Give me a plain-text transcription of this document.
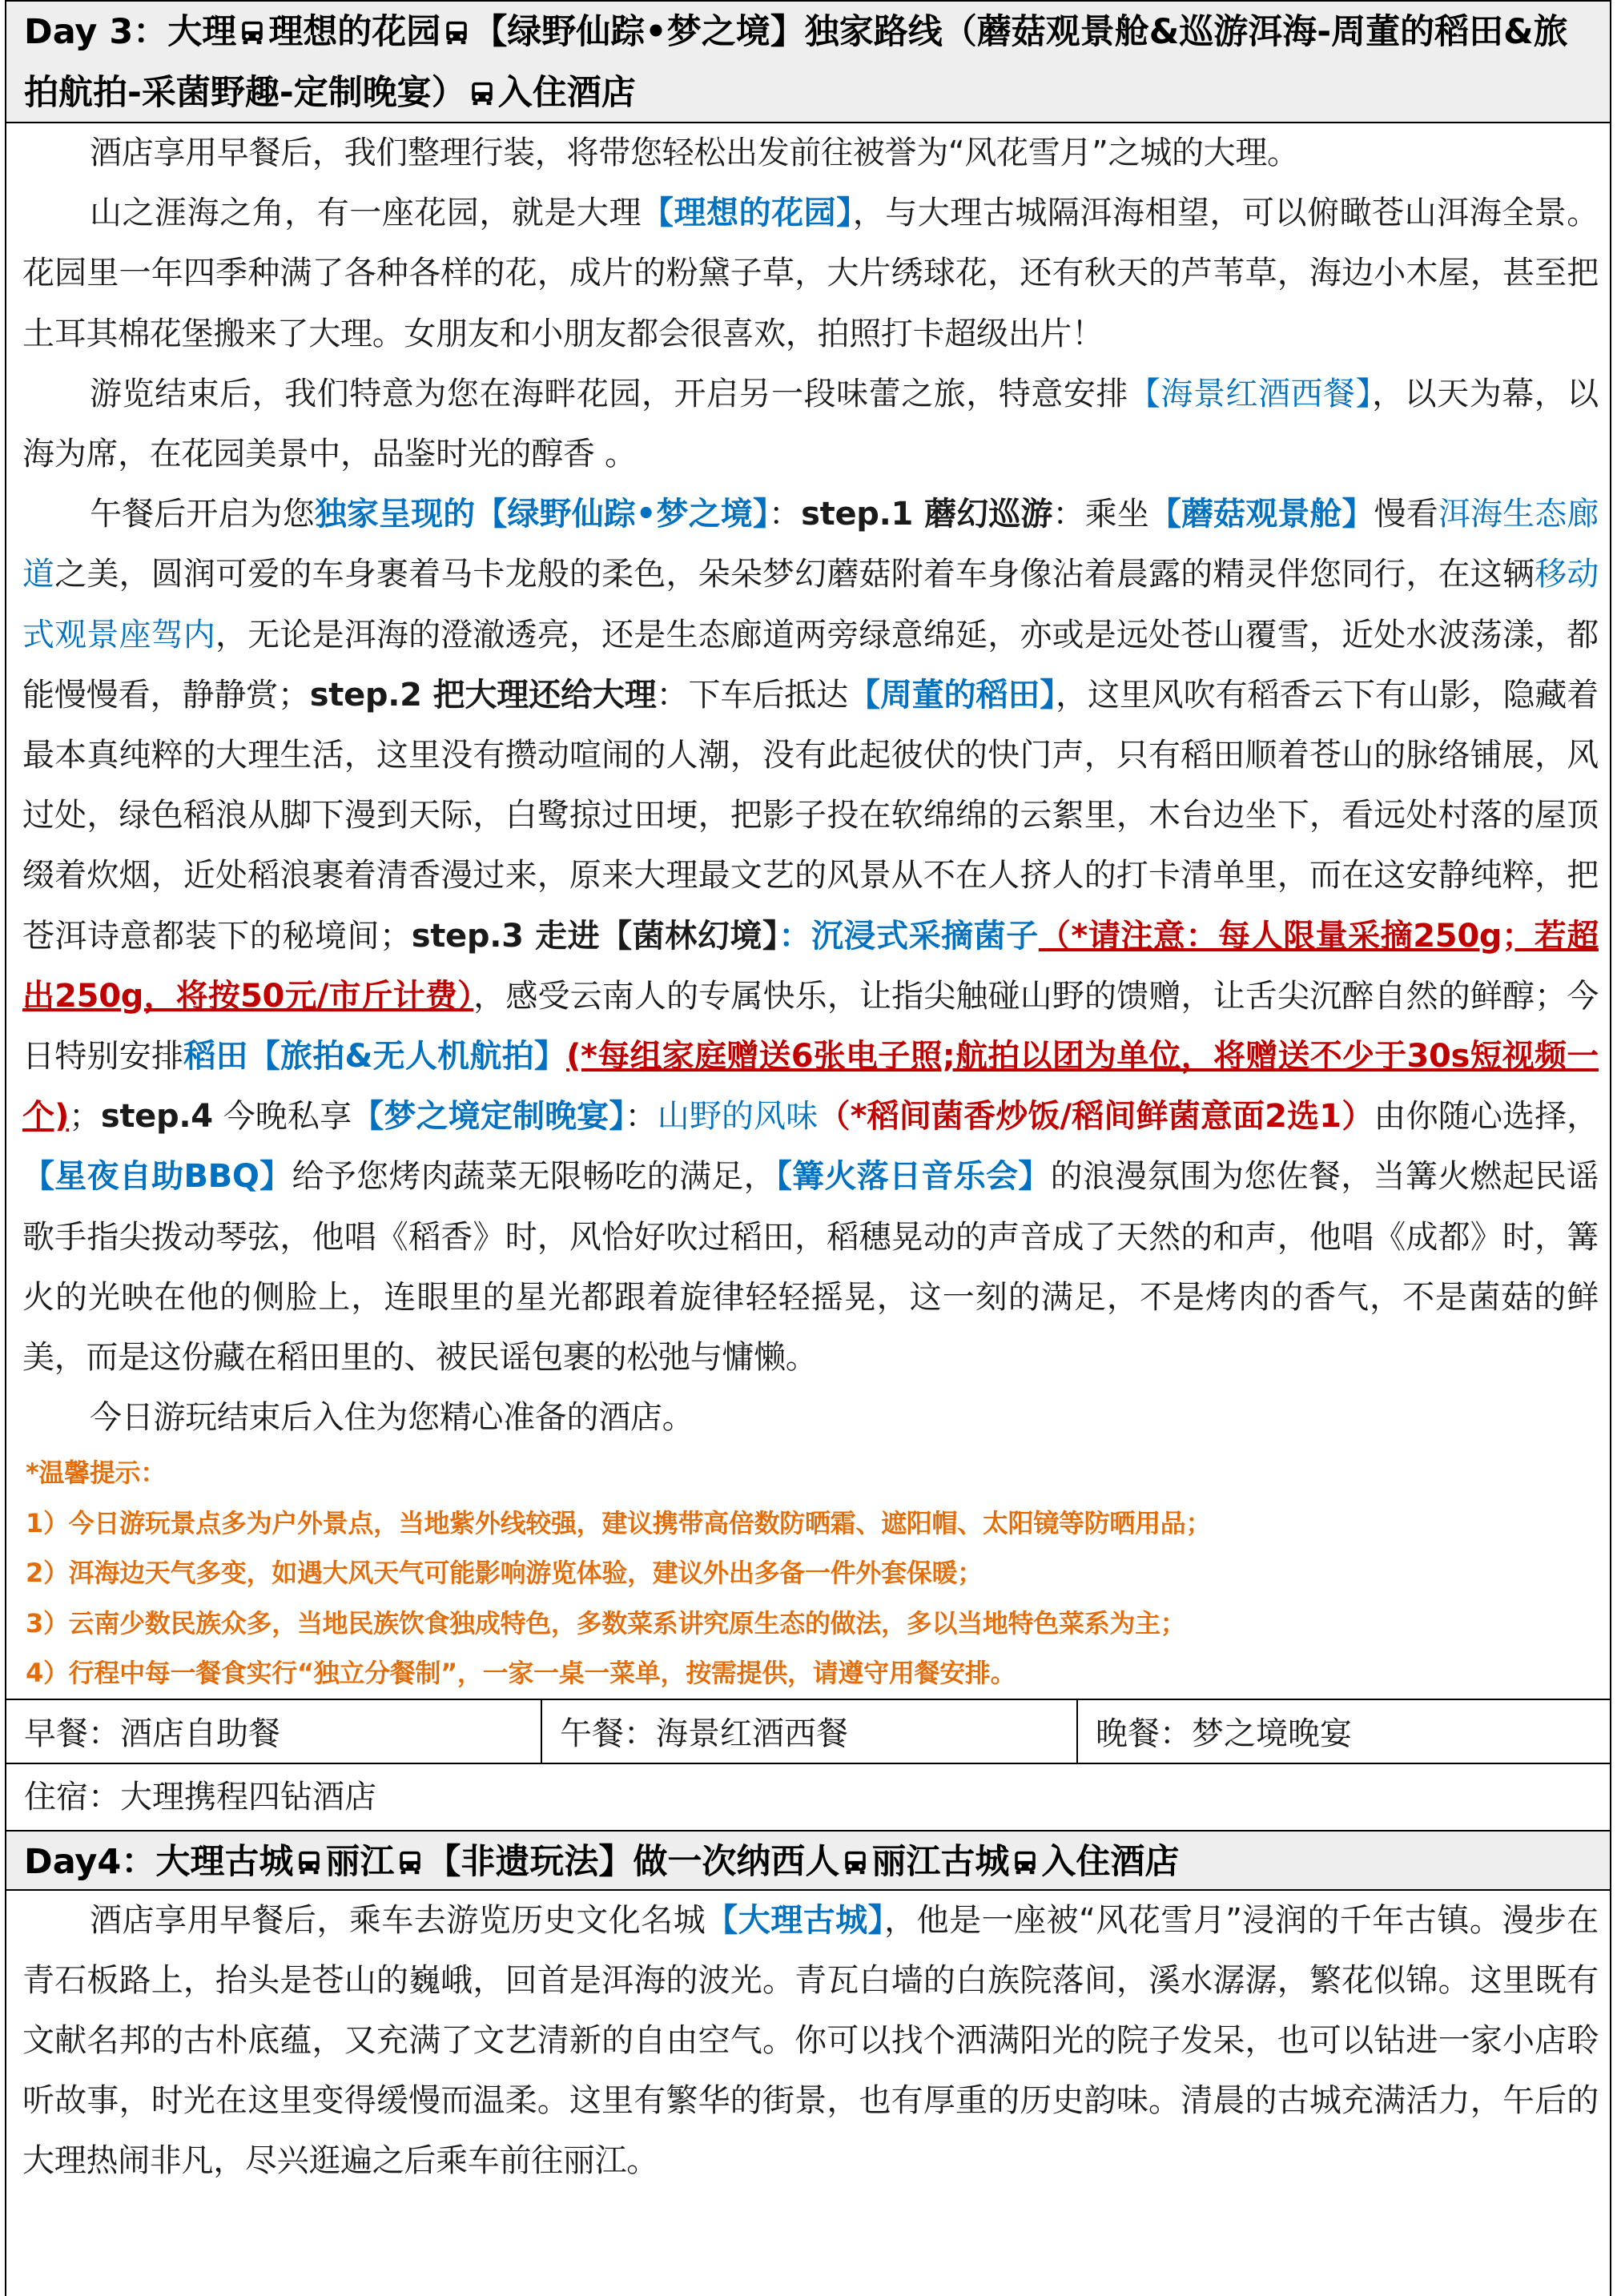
Day 3：大理 理想的花园 【绿野仙踪•梦之境】独家路线（蘑菇观景舱&巡游洱海-周董的稻田&旅拍航拍-采菌野趣-定制晚宴） 入住酒店

酒店享用早餐后，我们整理行装，将带您轻松出发前往被誉为“风花雪月”之城的大理。

山之涯海之角，有一座花园，就是大理【理想的花园】，与大理古城隔洱海相望，可以俯瞰苍山洱海全景。花园里一年四季种满了各种各样的花，成片的粉黛子草，大片绣球花，还有秋天的芦苇草，海边小木屋，甚至把土耳其棉花堡搬来了大理。女朋友和小朋友都会很喜欢，拍照打卡超级出片！

游览结束后，我们特意为您在海畔花园，开启另一段味蕾之旅，特意安排【海景红酒西餐】，以天为幕，以海为席，在花园美景中，品鉴时光的醇香 。

午餐后开启为您独家呈现的【绿野仙踪•梦之境】：step.1 蘑幻巡游：乘坐【蘑菇观景舱】慢看洱海生态廊道之美，圆润可爱的车身裹着马卡龙般的柔色，朵朵梦幻蘑菇附着车身像沾着晨露的精灵伴您同行，在这辆移动式观景座驾内，无论是洱海的澄澈透亮，还是生态廊道两旁绿意绵延，亦或是远处苍山覆雪，近处水波荡漾，都能慢慢看，静静赏；step.2 把大理还给大理：下车后抵达【周董的稻田】，这里风吹有稻香云下有山影，隐藏着最本真纯粹的大理生活，这里没有攒动喧闹的人潮，没有此起彼伏的快门声，只有稻田顺着苍山的脉络铺展，风过处，绿色稻浪从脚下漫到天际，白鹭掠过田埂，把影子投在软绵绵的云絮里，木台边坐下，看远处村落的屋顶缀着炊烟，近处稻浪裹着清香漫过来，原来大理最文艺的风景从不在人挤人的打卡清单里，而在这安静纯粹，把苍洱诗意都装下的秘境间；step.3 走进【菌林幻境】：沉浸式采摘菌子（*请注意：每人限量采摘250g；若超出250g，将按50元/市斤计费），感受云南人的专属快乐，让指尖触碰山野的馈赠，让舌尖沉醉自然的鲜醇；今日特别安排稻田【旅拍&无人机航拍】(*每组家庭赠送6张电子照;航拍以团为单位，将赠送不少于30s短视频一个)；step.4 今晚私享【梦之境定制晚宴】：山野的风味（*稻间菌香炒饭/稻间鲜菌意面2选1）由你随心选择，【星夜自助BBQ】给予您烤肉蔬菜无限畅吃的满足，【篝火落日音乐会】的浪漫氛围为您佐餐，当篝火燃起民谣歌手指尖拨动琴弦，他唱《稻香》时，风恰好吹过稻田，稻穗晃动的声音成了天然的和声，他唱《成都》时，篝火的光映在他的侧脸上，连眼里的星光都跟着旋律轻轻摇晃，这一刻的满足，不是烤肉的香气，不是菌菇的鲜美，而是这份藏在稻田里的、被民谣包裹的松弛与慵懒。

今日游玩结束后入住为您精心准备的酒店。

*温馨提示：

1）今日游玩景点多为户外景点，当地紫外线较强，建议携带高倍数防晒霜、遮阳帽、太阳镜等防晒用品；

2）洱海边天气多变，如遇大风天气可能影响游览体验，建议外出多备一件外套保暖；

3）云南少数民族众多，当地民族饮食独成特色，多数菜系讲究原生态的做法，多以当地特色菜系为主；

4）行程中每一餐食实行“独立分餐制”，一家一桌一菜单，按需提供，请遵守用餐安排。

早餐：酒店自助餐	午餐：海景红酒西餐	晚餐：梦之境晚宴
住宿：大理携程四钻酒店
Day4：大理古城 丽江 【非遗玩法】做一次纳西人 丽江古城 入住酒店

酒店享用早餐后，乘车去游览历史文化名城【大理古城】，他是一座被“风花雪月”浸润的千年古镇。漫步在青石板路上，抬头是苍山的巍峨，回首是洱海的波光。青瓦白墙的白族院落间，溪水潺潺，繁花似锦。这里既有文献名邦的古朴底蕴，又充满了文艺清新的自由空气。你可以找个洒满阳光的院子发呆，也可以钻进一家小店聆听故事，时光在这里变得缓慢而温柔。这里有繁华的街景，也有厚重的历史韵味。清晨的古城充满活力，午后的大理热闹非凡，尽兴逛遍之后乘车前往丽江。
